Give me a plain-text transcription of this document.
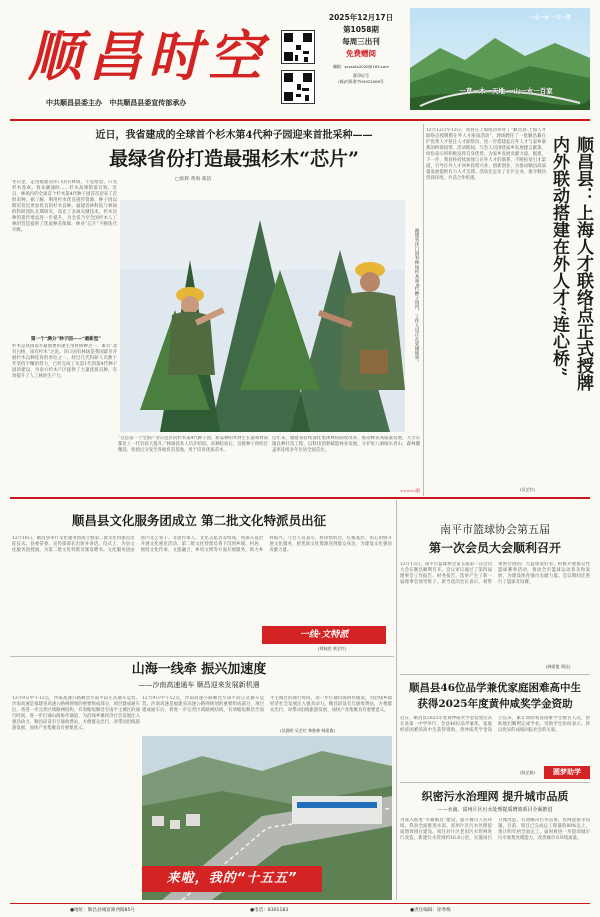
顺昌时空
中共顺昌县委主办 中共顺昌县委宣传部承办
2025年12月17日
第1058期
每周三出刊
免费赠阅
邮箱：scxsntx2020@163.com
准印证号
(闽)内资准字H2022009号
一山一水 一文一茶
一草一木一天地 一山一水一百家
近日，我省建成的全球首个杉木第4代种子园迎来首批采种——
最绿省份打造最强杉木“芯片”
□张辉 黄海 郑洁
冬日里，走进福建省洋口国有林场，不觉寒意，只见杉木苍翠。春来潮涌时……杉木高矮错落有致，近日，林场内的全球首个杉木第4代种子园首次迎来了首批采种。据了解，利用杉木优良遗传资源，种子园以期培育出更加优良的杉木良种。福建省林科院与林场的科研团队长期研究，攻克了多项关键技术，杉木良种的遗传增益进一步提升，为全省乃至全国杉木人工林的营造提供了优质种苗保障，林业“芯片”不断迭代升级。
第一个“满分”种子园——“最新型”
杉木是我国南方最重要的速生用材树种之一，素有“北有白杨，南有杉木”之说。洋口国有林场是我国最早开展杉木良种选育的单位之一，经过几代科研人员数十年坚持不懈的努力，已经完成了从第1代到第4代种子园的建设，为南方杉木产区提供了大量优质良种，有效提升了人工林的生产力。
福建省洋口国有林场杉木第4代种子园内，工作人员正在采摘球果。
“这是第一个全国产业示范区的杉木第4代种子园，新品种的木材生长量和材质都比上一代有较大提升。”林场技术人员介绍说。采种结束后，这批种子将经过精选、检验后分发至各地育苗基地，用于培育优质苗木。
近年来，福建省持续深化集体林权制度改革，推动林业高质量发展，大力实施良种壮苗工程，以科技创新赋能林业发展，守护好八闽绿水青山，森林覆盖率连续多年位居全国首位。
>>>>2版
12月12日至13日，我县在上海成功举办了“顺昌县·上海人才联络点授牌暨在外人才座谈活动”，现场聘任了一批顺昌籍在沪优秀人才担任人才联络员，进一步搭建起在外人才与家乡联系的桥梁纽带。活动期间，与会人员围绕家乡发展建言献策，纷纷表示将积极发挥自身优势，为家乡发展贡献力量。据悉，下一步，我县将持续加强与在外人才的联系，不断拓宽引才渠道，引导在外人才回乡投资兴业、创新创业，为推动顺昌高质量发展提供有力人才支撑。活动还走访了在沪企业，推介顺昌营商环境，共话合作机遇。	顺昌县：上海人才联络点正式授牌
内外联动搭建在外人才“连心桥”
(吴艺红)
顺昌县文化服务团成立 第二批文化特派员出征
12月16日，顺昌县举行文化服务团成立暨第二批文化特派员出征仪式。县委常委、宣传部部长出席并讲话。仪式上，为县文化服务团授旗，为第二批文化特派员颁发聘书。文化服务团由县内文艺骨干、非遗传承人、文化志愿者等组成，将深入基层开展文化惠民活动。第二批文化特派员将下沉到乡镇、村居，围绕文化传承、文旅融合、乡风文明等方面开展服务，助力乡村振兴。与会人员表示，将珍惜机会，扎根基层，用心用情开展文化服务，把优质文化资源送到群众身边，为建设文化强县贡献力量。
(郑秋欣 黄艺红)
一线·文特派
山海一线牵 振兴加速度
——沙南高速通车 顺昌迎来发展新机遇
12月9日中午12点，沙南高速公路顺昌至南平段正式通车运营。沙南高速是福建省高速公路网规划的重要组成部分，项目建成通车后，将进一步完善区域路网结构，有效缩短顺昌至南平主城区的通行时间，进一步打通山海协作通道，为沿线乡镇经济社会发展注入强劲动力。顺昌段设有互通收费站，方便群众出行，对带动沿线旅游发展、加快产业集聚具有重要意义。
12月9日中午12点，沙南高速公路顺昌至南平段正式通车运营。沙南高速是福建省高速公路网规划的重要组成部分，项目建成通车后，将进一步完善区域路网结构，有效缩短顺昌至南平主城区的通行时间，进一步打通山海协作通道，为沿线乡镇经济社会发展注入强劲动力。顺昌段设有互通收费站，方便群众出行，对带动沿线旅游发展、加快产业集聚具有重要意义。
(吴润明 吴艺红 林艳林 韩嘉俊)
来啦，我的“十五五”
南平市篮球协会第五届
第一次会员大会顺利召开
12月13日，南平市篮球协会第五届第一次会员大会在顺昌顺利召开。会议审议通过了第四届理事会工作报告、财务报告，选举产生了新一届理事会领导班子。新当选的会长表示，将带领协会团结广大篮球爱好者，积极开展群众性篮球赛事活动，推动全市篮球运动普及和发展，为建设体育强市贡献力量。会议期间还进行了篮球友谊赛。
(韩嘉俊 郑佳)
顺昌县46位品学兼优家庭困难高中生
获得2025年度黄仲咸奖学金资助
近日，顺昌县2025年度黄仲咸奖学金发放仪式在县第一中学举行，全县46位品学兼优、家庭经济困难的高中生获得资助。黄仲咸奖学金设立以来，累计资助我县困难学生数百人次，帮助他们顺利完成学业。受助学生纷纷表示，将以优异的成绩回报社会的关爱。
(陈艺娟)	圆梦助学
织密污水治理网 提升城市品质
——水南、富州片区污水处理提质增效项目全面推进
为深入推进“幸福顺昌”建设，提升城市人居环境，我县全面推进水南、富州片区污水处理提质增效项目建设。项目对片区老旧污水管网进行改造，新建污水管网约16.8公里，实施雨污分流改造，有效解决污水直排、管网混接等问题。目前，项目已完成总工程量的80%以上，预计明年初全面完工，届时将进一步提高城市污水收集处理能力，改善城市水环境质量。
●地址：顺昌县城富源西路85号	●电话：8301183	●责任编辑：徐秀梅
